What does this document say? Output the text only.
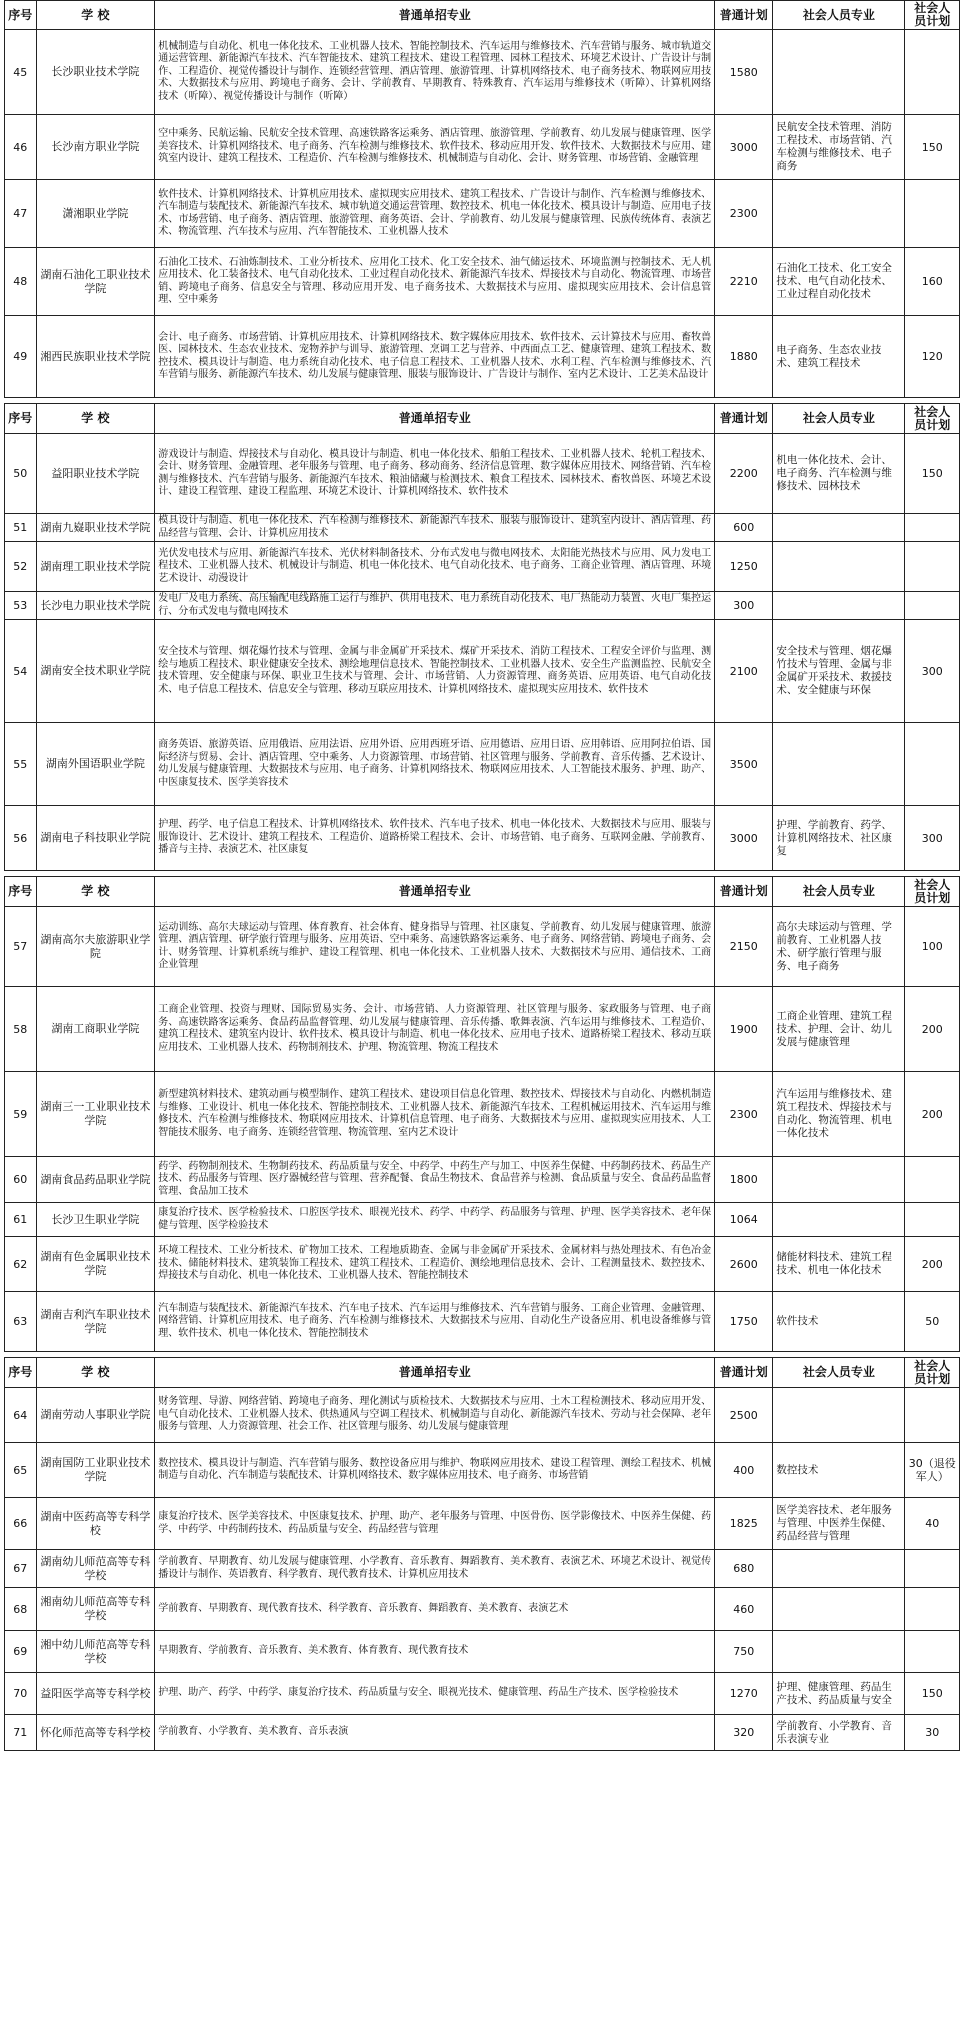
序号	学 校	普通单招专业	普通计划	社会人员专业	社会人员计划
45	长沙职业技术学院	机械制造与自动化、机电一体化技术、工业机器人技术、智能控制技术、汽车运用与维修技术、汽车营销与服务、城市轨道交通运营管理、新能源汽车技术、汽车智能技术、建筑工程技术、建设工程管理、园林工程技术、环境艺术设计、广告设计与制作、工程造价、视觉传播设计与制作、连锁经营管理、酒店管理、旅游管理、计算机网络技术、电子商务技术、物联网应用技术、大数据技术与应用、跨境电子商务、会计、学前教育、早期教育、特殊教育、汽车运用与维修技术（听障）、计算机网络技术（听障）、视觉传播设计与制作（听障）	1580		
46	长沙南方职业学院	空中乘务、民航运输、民航安全技术管理、高速铁路客运乘务、酒店管理、旅游管理、学前教育、幼儿发展与健康管理、医学美容技术、计算机网络技术、电子商务、汽车检测与维修技术、软件技术、移动应用开发、软件技术、大数据技术与应用、建筑室内设计、建筑工程技术、工程造价、汽车检测与维修技术、机械制造与自动化、会计、财务管理、市场营销、金融管理	3000	民航安全技术管理、消防工程技术、市场营销、汽车检测与维修技术、电子商务	150
47	潇湘职业学院	软件技术、计算机网络技术、计算机应用技术、虚拟现实应用技术、建筑工程技术、广告设计与制作、汽车检测与维修技术、汽车制造与装配技术、新能源汽车技术、城市轨道交通运营管理、数控技术、机电一体化技术、模具设计与制造、应用电子技术、市场营销、电子商务、酒店管理、旅游管理、商务英语、会计、学前教育、幼儿发展与健康管理、民族传统体育、表演艺术、物流管理、汽车技术与应用、汽车智能技术、工业机器人技术	2300		
48	湖南石油化工职业技术学院	石油化工技术、石油炼制技术、工业分析技术、应用化工技术、化工安全技术、油气储运技术、环境监测与控制技术、无人机应用技术、化工装备技术、电气自动化技术、工业过程自动化技术、新能源汽车技术、焊接技术与自动化、物流管理、市场营销、跨境电子商务、信息安全与管理、移动应用开发、电子商务技术、大数据技术与应用、虚拟现实应用技术、会计信息管理、空中乘务	2210	石油化工技术、化工安全技术、电气自动化技术、工业过程自动化技术	160
49	湘西民族职业技术学院	会计、电子商务、市场营销、计算机应用技术、计算机网络技术、数字媒体应用技术、软件技术、云计算技术与应用、畜牧兽医、园林技术、生态农业技术、宠物养护与训导、旅游管理、烹调工艺与营养、中西面点工艺、健康管理、建筑工程技术、数控技术、模具设计与制造、电力系统自动化技术、电子信息工程技术、工业机器人技术、水利工程、汽车检测与维修技术、汽车营销与服务、新能源汽车技术、幼儿发展与健康管理、服装与服饰设计、广告设计与制作、室内艺术设计、工艺美术品设计	1880	电子商务、生态农业技术、建筑工程技术	120
序号	学 校	普通单招专业	普通计划	社会人员专业	社会人员计划
50	益阳职业技术学院	游戏设计与制造、焊接技术与自动化、模具设计与制造、机电一体化技术、船舶工程技术、工业机器人技术、轮机工程技术、会计、财务管理、金融管理、老年服务与管理、电子商务、移动商务、经济信息管理、数字媒体应用技术、网络营销、汽车检测与维修技术、汽车营销与服务、新能源汽车技术、粮油储藏与检测技术、粮食工程技术、园林技术、畜牧兽医、环境艺术设计、建设工程管理、建设工程监理、环境艺术设计、计算机网络技术、软件技术	2200	机电一体化技术、会计、电子商务、汽车检测与维修技术、园林技术	150
51	湖南九嶷职业技术学院	模具设计与制造、机电一体化技术、汽车检测与维修技术、新能源汽车技术、服装与服饰设计、建筑室内设计、酒店管理、药品经营与管理、会计、计算机应用技术	600		
52	湖南理工职业技术学院	光伏发电技术与应用、新能源汽车技术、光伏材料制备技术、分布式发电与微电网技术、太阳能光热技术与应用、风力发电工程技术、工业机器人技术、机械设计与制造、机电一体化技术、电气自动化技术、电子商务、工商企业管理、酒店管理、环境艺术设计、动漫设计	1250		
53	长沙电力职业技术学院	发电厂及电力系统、高压输配电线路施工运行与维护、供用电技术、电力系统自动化技术、电厂热能动力装置、火电厂集控运行、分布式发电与微电网技术	300		
54	湖南安全技术职业学院	安全技术与管理、烟花爆竹技术与管理、金属与非金属矿开采技术、煤矿开采技术、消防工程技术、工程安全评价与监理、测绘与地质工程技术、职业健康安全技术、测绘地理信息技术、智能控制技术、工业机器人技术、安全生产监测监控、民航安全技术管理、安全健康与环保、职业卫生技术与管理、会计、市场营销、人力资源管理、商务英语、应用英语、电气自动化技术、电子信息工程技术、信息安全与管理、移动互联应用技术、计算机网络技术、虚拟现实应用技术、软件技术	2100	安全技术与管理、烟花爆竹技术与管理、金属与非金属矿开采技术、救援技术、安全健康与环保	300
55	湖南外国语职业学院	商务英语、旅游英语、应用俄语、应用法语、应用外语、应用西班牙语、应用德语、应用日语、应用韩语、应用阿拉伯语、国际经济与贸易、会计、酒店管理、空中乘务、人力资源管理、市场营销、社区管理与服务、学前教育、音乐传播、艺术设计、幼儿发展与健康管理、大数据技术与应用、电子商务、计算机网络技术、物联网应用技术、人工智能技术服务、护理、助产、中医康复技术、医学美容技术	3500		
56	湖南电子科技职业学院	护理、药学、电子信息工程技术、计算机网络技术、软件技术、汽车电子技术、机电一体化技术、大数据技术与应用、服装与服饰设计、艺术设计、建筑工程技术、工程造价、道路桥梁工程技术、会计、市场营销、电子商务、互联网金融、学前教育、播音与主持、表演艺术、社区康复	3000	护理、学前教育、药学、计算机网络技术、社区康复	300
序号	学 校	普通单招专业	普通计划	社会人员专业	社会人员计划
57	湖南高尔夫旅游职业学院	运动训练、高尔夫球运动与管理、体育教育、社会体育、健身指导与管理、社区康复、学前教育、幼儿发展与健康管理、旅游管理、酒店管理、研学旅行管理与服务、应用英语、空中乘务、高速铁路客运乘务、电子商务、网络营销、跨境电子商务、会计、财务管理、计算机系统与维护、建设工程管理、机电一体化技术、工业机器人技术、大数据技术与应用、通信技术、工商企业管理	2150	高尔夫球运动与管理、学前教育、工业机器人技术、研学旅行管理与服务、电子商务	100
58	湖南工商职业学院	工商企业管理、投资与理财、国际贸易实务、会计、市场营销、人力资源管理、社区管理与服务、家政服务与管理、电子商务、高速铁路客运乘务、食品药品监督管理、幼儿发展与健康管理、音乐传播、歌舞表演、汽车运用与维修技术、工程造价、建筑工程技术、建筑室内设计、软件技术、模具设计与制造、机电一体化技术、应用电子技术、道路桥梁工程技术、移动互联应用技术、工业机器人技术、药物制剂技术、护理、物流管理、物流工程技术	1900	工商企业管理、建筑工程技术、护理、会计、幼儿发展与健康管理	200
59	湖南三一工业职业技术学院	新型建筑材料技术、建筑动画与模型制作、建筑工程技术、建设项目信息化管理、数控技术、焊接技术与自动化、内燃机制造与维修、工业设计、机电一体化技术、智能控制技术、工业机器人技术、新能源汽车技术、工程机械运用技术、汽车运用与维修技术、汽车检测与维修技术、物联网应用技术、计算机信息管理、电子商务、大数据技术与应用、虚拟现实应用技术、人工智能技术服务、电子商务、连锁经营管理、物流管理、室内艺术设计	2300	汽车运用与维修技术、建筑工程技术、焊接技术与自动化、物流管理、机电一体化技术	200
60	湖南食品药品职业学院	药学、药物制剂技术、生物制药技术、药品质量与安全、中药学、中药生产与加工、中医养生保健、中药制药技术、药品生产技术、药品服务与管理、医疗器械经营与管理、营养配餐、食品生物技术、食品营养与检测、食品质量与安全、食品药品监督管理、食品加工技术	1800		
61	长沙卫生职业学院	康复治疗技术、医学检验技术、口腔医学技术、眼视光技术、药学、中药学、药品服务与管理、护理、医学美容技术、老年保健与管理、医学检验技术	1064		
62	湖南有色金属职业技术学院	环境工程技术、工业分析技术、矿物加工技术、工程地质勘查、金属与非金属矿开采技术、金属材料与热处理技术、有色冶金技术、储能材料技术、建筑装饰工程技术、建筑工程技术、工程造价、测绘地理信息技术、会计、工程测量技术、数控技术、焊接技术与自动化、机电一体化技术、工业机器人技术、智能控制技术	2600	储能材料技术、建筑工程技术、机电一体化技术	200
63	湖南吉利汽车职业技术学院	汽车制造与装配技术、新能源汽车技术、汽车电子技术、汽车运用与维修技术、汽车营销与服务、工商企业管理、金融管理、网络营销、计算机应用技术、电子商务、汽车检测与维修技术、大数据技术与应用、自动化生产设备应用、机电设备维修与管理、软件技术、机电一体化技术、智能控制技术	1750	软件技术	50
序号	学 校	普通单招专业	普通计划	社会人员专业	社会人员计划
64	湖南劳动人事职业学院	财务管理、导游、网络营销、跨境电子商务、理化测试与质检技术、大数据技术与应用、土木工程检测技术、移动应用开发、电气自动化技术、工业机器人技术、供热通风与空调工程技术、机械制造与自动化、新能源汽车技术、劳动与社会保障、老年服务与管理、人力资源管理、社会工作、社区管理与服务、幼儿发展与健康管理	2500		
65	湖南国防工业职业技术学院	数控技术、模具设计与制造、汽车营销与服务、数控设备应用与维护、物联网应用技术、建设工程管理、测绘工程技术、机械制造与自动化、汽车制造与装配技术、计算机网络技术、数字媒体应用技术、电子商务、市场营销	400	数控技术	30（退役军人）
66	湖南中医药高等专科学校	康复治疗技术、医学美容技术、中医康复技术、护理、助产、老年服务与管理、中医骨伤、医学影像技术、中医养生保健、药学、中药学、中药制药技术、药品质量与安全、药品经营与管理	1825	医学美容技术、老年服务与管理、中医养生保健、药品经营与管理	40
67	湖南幼儿师范高等专科学校	学前教育、早期教育、幼儿发展与健康管理、小学教育、音乐教育、舞蹈教育、美术教育、表演艺术、环境艺术设计、视觉传播设计与制作、英语教育、科学教育、现代教育技术、计算机应用技术	680		
68	湘南幼儿师范高等专科学校	学前教育、早期教育、现代教育技术、科学教育、音乐教育、舞蹈教育、美术教育、表演艺术	460		
69	湘中幼儿师范高等专科学校	早期教育、学前教育、音乐教育、美术教育、体育教育、现代教育技术	750		
70	益阳医学高等专科学校	护理、助产、药学、中药学、康复治疗技术、药品质量与安全、眼视光技术、健康管理、药品生产技术、医学检验技术	1270	护理、健康管理、药品生产技术、药品质量与安全	150
71	怀化师范高等专科学校	学前教育、小学教育、美术教育、音乐表演	320	学前教育、小学教育、音乐表演专业	30
